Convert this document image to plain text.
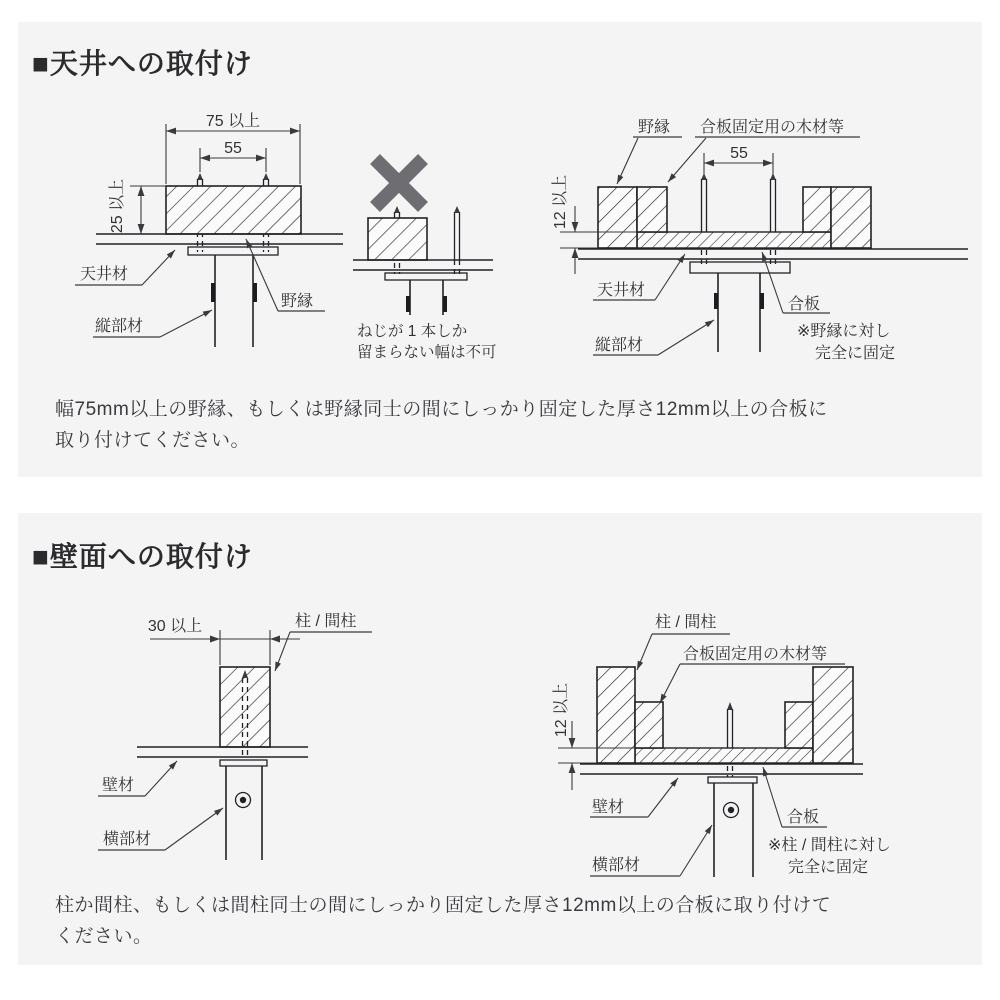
■天井への取付け
75 以上
55
25 以上
天井材
野縁
縦部材	ねじが 1 本しか
留まらない幅は不可
野縁 合板固定用の木材等
55
12 以上
天井材
縦部材
合板
※野縁に対し
完全に固定

幅75mm以上の野縁、もしくは野縁同士の間にしっかり固定した厚さ12mm以上の合板に
取り付けてください。

■壁面への取付け
30 以上	柱 / 間柱
壁材
横部材
柱 / 間柱
合板固定用の木材等
12 以上
壁材
横部材
合板
※柱 / 間柱に対し
完全に固定

柱か間柱、もしくは間柱同士の間にしっかり固定した厚さ12mm以上の合板に取り付けて
ください。
